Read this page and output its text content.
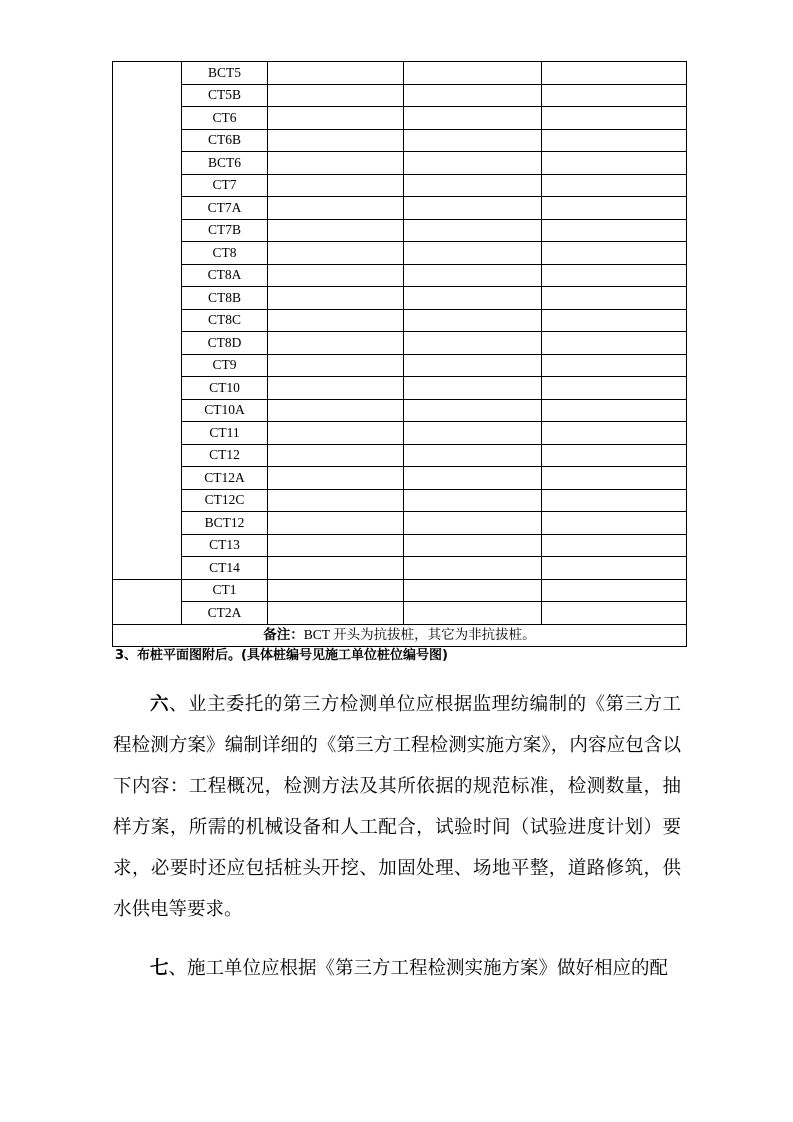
	BCT5			
	CT5B			
	CT6			
	CT6B			
	BCT6			
	CT7			
	CT7A			
	CT7B			
	CT8			
	CT8A			
	CT8B			
	CT8C			
	CT8D			
	CT9			
	CT10			
	CT10A			
	CT11			
	CT12			
	CT12A			
	CT12C			
	BCT12			
	CT13			
	CT14			
	CT1			
	CT2A			
备注：BCT 开头为抗拔桩，其它为非抗拔桩。				
3、布桩平面图附后。(具体桩编号见施工单位桩位编号图)

六、业主委托的第三方检测单位应根据监理纺编制的《第三方工程检测方案》编制详细的《第三方工程检测实施方案》，内容应包含以下内容：工程概况，检测方法及其所依据的规范标准，检测数量，抽样方案，所需的机械设备和人工配合，试验时间（试验进度计划）要求，必要时还应包括桩头开挖、加固处理、场地平整，道路修筑，供水供电等要求。

七、施工单位应根据《第三方工程检测实施方案》做好相应的配
